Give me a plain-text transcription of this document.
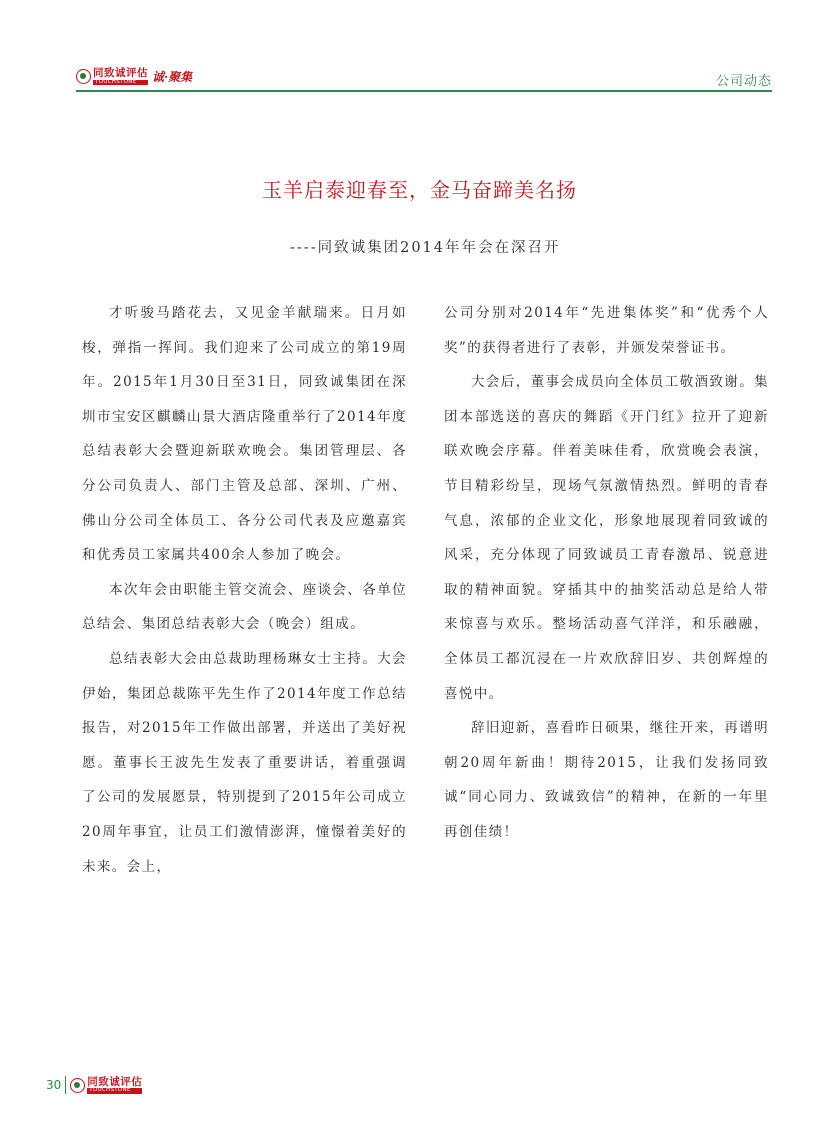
同致诚评估
TOUCHSTONE	诚·聚集	公司动态
玉羊启泰迎春至，金马奋蹄美名扬
----同致诚集团2014年年会在深召开

才听骏马踏花去，又见金羊献瑞来。日月如梭，弹指一挥间。我们迎来了公司成立的第19周年。2015年1月30日至31日，同致诚集团在深圳市宝安区麒麟山景大酒店隆重举行了2014年度总结表彰大会暨迎新联欢晚会。集团管理层、各分公司负责人、部门主管及总部、深圳、广州、佛山分公司全体员工、各分公司代表及应邀嘉宾和优秀员工家属共400余人参加了晚会。

本次年会由职能主管交流会、座谈会、各单位总结会、集团总结表彰大会（晚会）组成。

总结表彰大会由总裁助理杨琳女士主持。大会伊始，集团总裁陈平先生作了2014年度工作总结报告，对2015年工作做出部署，并送出了美好祝愿。董事长王波先生发表了重要讲话，着重强调了公司的发展愿景，特别提到了2015年公司成立20周年事宜，让员工们激情澎湃，憧憬着美好的未来。会上，

公司分别对2014年“先进集体奖”和“优秀个人奖”的获得者进行了表彰，并颁发荣誉证书。

大会后，董事会成员向全体员工敬酒致谢。集团本部选送的喜庆的舞蹈《开门红》拉开了迎新联欢晚会序幕。伴着美味佳肴，欣赏晚会表演，节目精彩纷呈，现场气氛激情热烈。鲜明的青春气息，浓郁的企业文化，形象地展现着同致诚的风采，充分体现了同致诚员工青春激昂、锐意进取的精神面貌。穿插其中的抽奖活动总是给人带来惊喜与欢乐。整场活动喜气洋洋，和乐融融，全体员工都沉浸在一片欢欣辞旧岁、共创辉煌的喜悦中。

辞旧迎新，喜看昨日硕果，继往开来，再谱明朝20周年新曲！期待2015，让我们发扬同致诚“同心同力、致诚致信”的精神，在新的一年里再创佳绩！

30 同致诚评估
TOUCHSTONE
